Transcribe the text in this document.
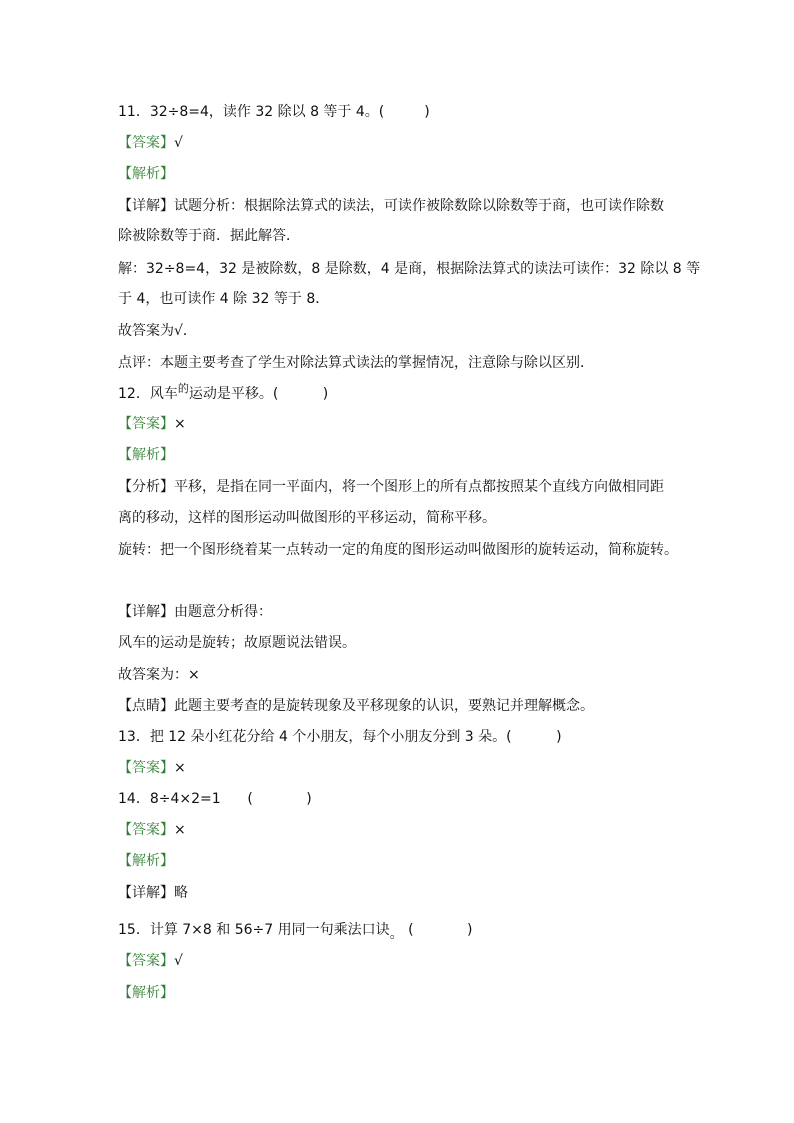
11．32÷8=4，读作 32 除以 8 等于 4。(         )
【答案】√
【解析】
【详解】试题分析：根据除法算式的读法，可读作被除数除以除数等于商，也可读作除数
除被除数等于商．据此解答．
解：32÷8=4，32 是被除数，8 是除数，4 是商，根据除法算式的读法可读作：32 除以 8 等
于 4，也可读作 4 除 32 等于 8．
故答案为√．
点评：本题主要考查了学生对除法算式读法的掌握情况，注意除与除以区别．
12．风车$^的$运动是平移。(          )
【答案】×
【解析】
【分析】平移，是指在同一平面内，将一个图形上的所有点都按照某个直线方向做相同距
离的移动，这样的图形运动叫做图形的平移运动，简称平移。
旋转：把一个图形绕着某一点转动一定的角度的图形运动叫做图形的旋转运动，简称旋转。
【详解】由题意分析得：
风车的运动是旋转；故原题说法错误。
故答案为：×
【点睛】此题主要考查的是旋转现象及平移现象的认识，要熟记并理解概念。
13．把 12 朵小红花分给 4 个小朋友，每个小朋友分到 3 朵。(          )
【答案】×
14．8÷4×2=1      (            )
【答案】×
【解析】
【详解】略
15．计算 7×8 和 56÷7 用同一句乘法口诀。 (            )
【答案】√
【解析】
